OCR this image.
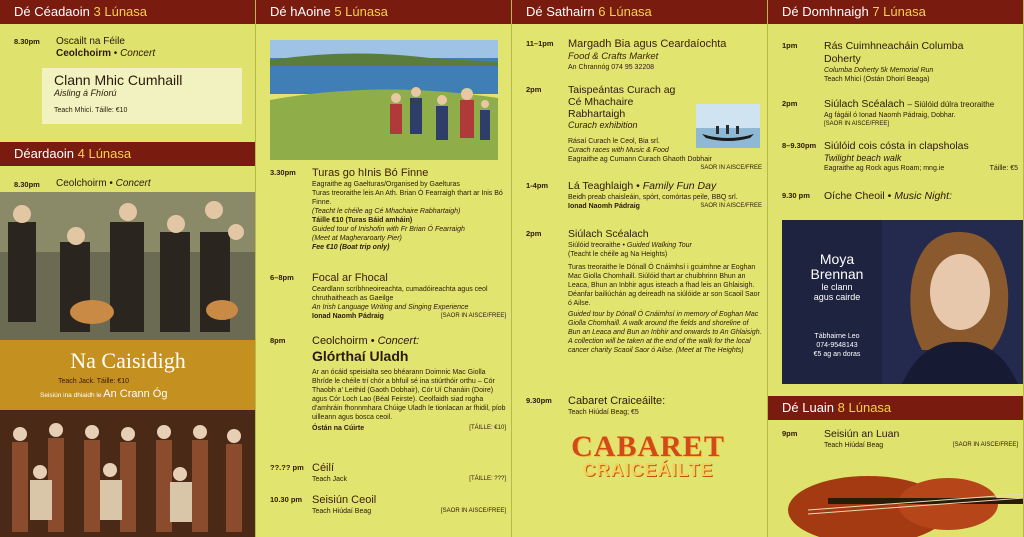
Dé Céadaoin 3 Lúnasa
8.30pm Oscailt na Féile
Ceolchoirm • Concert
Clann Mhic Cumhaill
Aisling á Fhíorú
Teach Mhicí. Táille: €10
Déardaoin 4 Lúnasa
8.30pm Ceolchoirm • Concert
Na Caisidigh
Teach Jack. Táille: €10
Seisiún ina dhiaidh le An Crann Óg
Dé hAoine 5 Lúnasa
3.30pm Turas go hInis Bó Finne
Eagraithe ag Gaelturas/Organised by Gaelturas
Turas treoraithe leis An Ath. Brian Ó Fearraigh thart ar Inis Bó Finne.
(Teacht le chéile ag Cé Mhachaire Rabhartaigh)
Táille €10 (Turas Báid amháin)
Guided tour of Inishofin with Fr Brian Ó Fearraigh
(Meet at Magheraroarty Pier)
Fee €10 (Boat trip only)
6–8pm Focal ar Fhocal
Ceardlann scríbhneoireachta, cumadóireachta agus ceol chruthaitheach as Gaeilge
An Irish Language Writing and Singing Experience
Ionad Naomh Pádraig	[SAOR IN AISCE/FREE]
8pm Ceolchoirm • Concert:
Glórthaí Uladh
Ar an ócáid speisialta seo bhéarann Doimnic Mac Giolla Bhríde le chéile trí chór a bhfuil sé ina stiúrthóir orthu – Cór Thaobh a' Leithid (Gaoth Dobhair), Cór Uí Chanáin (Doire) agus Cór Loch Lao (Béal Feirste). Ceolfaidh siad rogha d'amhráin fhonnmhara Chúige Uladh le tionlacan ar fhidil, píob uilleann agus bosca ceoil.
Óstán na Cúirte	[TÁILLE: €10]
??.?? pm Céilí
Teach Jack	[TÁILLE: ???]
10.30 pm Seisiún Ceoil
Teach Hiúdaí Beag	[SAOR IN AISCE/FREE]
Dé Sathairn 6 Lúnasa
11–1pm Margadh Bia agus Ceardaíochta
Food & Crafts Market
An Chrannóg 074 95 32208
2pm	Taispeántas Curach ag Cé Mhachaire Rabhartaigh
Curach exhibition
Rásaí Curach le Ceol, Bia srl.
Curach races with Music & Food
Eagraithe ag Cumann Curach Ghaoth Dobhair
SAOR IN AISCE/FREE
1-4pm Lá Teaghlaigh • Family Fun Day
Beidh preab chaisleáin, spórt, comórtas peile, BBQ srl.
Ionad Naomh Pádraig	SAOR IN AISCE/FREE
2pm	Siúlach Scéalach
Siúlóid treoraithe • Guided Walking Tour
(Teacht le chéile ag Na Heights)
Turas treoraithe le Dónall Ó Cnáimhsí i gcuimhne ar Eoghan Mac Giolla Chomhaill. Siúlóid thart ar chuibhrinn Bhun an Leaca, Bhun an Inbhir agus isteach a fhad leis an Ghlaisigh. Déanfar bailiúchán ag deireadh na siúlóide ar son Scaoil Saor ó Ailse.
Guided tour by Dónall Ó Cnáimhsí in memory of Eoghan Mac Giolla Chomhaill. A walk around the fields and shoreline of Bun an Leaca and Bun an Inbhir and onwards to An Ghlaisigh. A collection will be taken at the end of the walk for the local cancer charity Scaoil Saor ó Ailse. (Meet at The Heights)
9.30pm Cabaret Craiceáilte:
Teach Hiúdaí Beag; €5
CABARET
CRAICEÁILTE
Dé Domhnaigh 7 Lúnasa
1pm	Rás Cuimhneacháin Columba Doherty
Columba Doherty 5k Memorial Run
Teach Mhicí (Óstán Dhoirí Beaga)
2pm	Siúlach Scéalach – Siúlóid dúlra treoraithe
Ag fágáil ó Ionad Naomh Pádraig, Dobhar.
[SAOR IN AISCE/FREE]
8–9.30pm Siúlóid cois cósta in clapsholas
Twilight beach walk
Eagraithe ag Rock agus Roam; mng.ie	Táille: €5
9.30 pm Oíche Cheoil • Music Night:
Moya
Brennan
le clann
agus cairde
Tábhairne Leo
074-9548143
€5 ag an doras
Dé Luain 8 Lúnasa
9pm	Seisiún an Luan
Teach Hiúdaí Beag	[SAOR IN AISCE/FREE]
